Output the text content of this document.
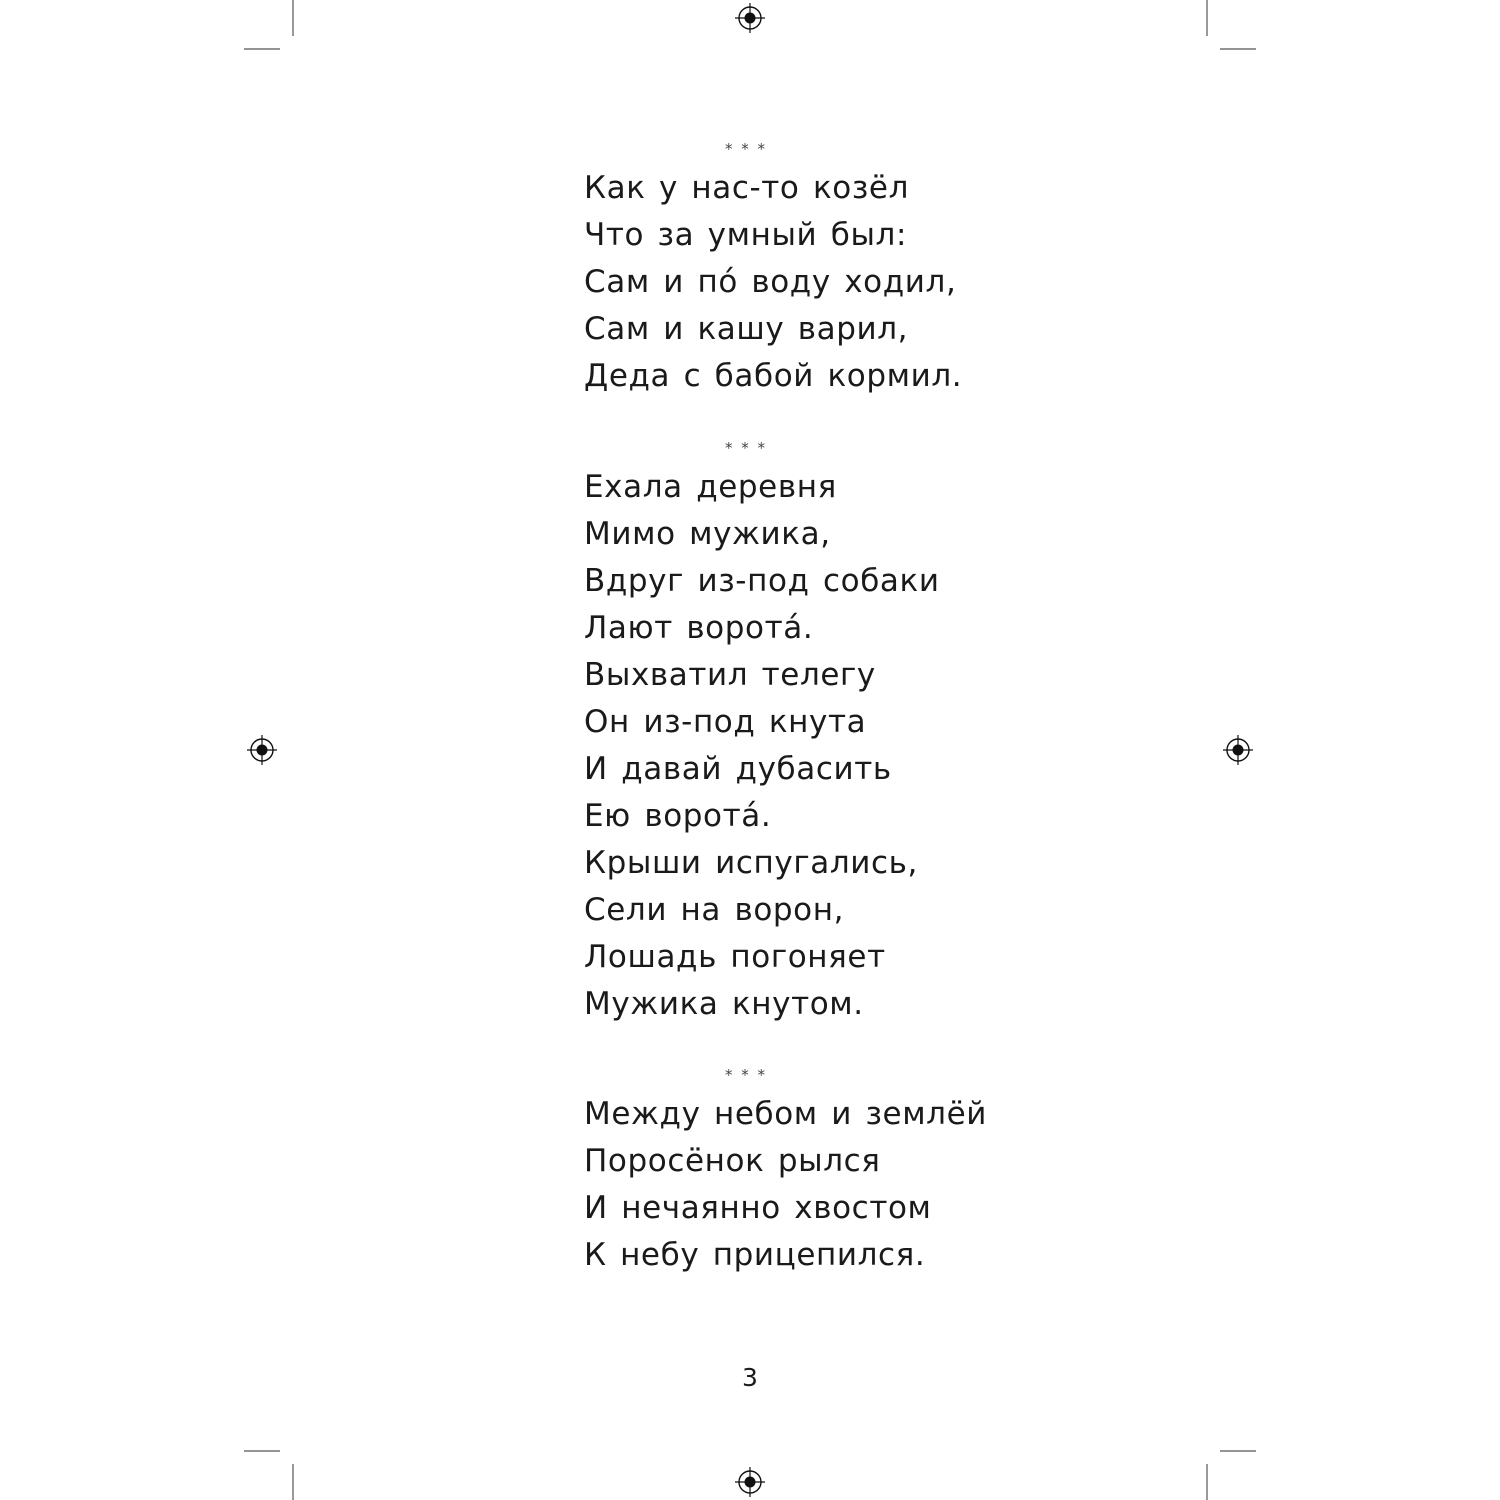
* * *
Как у нас-то козёл
Что за умный был:
Сам и по́ воду ходил,
Сам и кашу варил,
Деда с бабой кормил.
* * *
Ехала деревня
Мимо мужика,
Вдруг из-под собаки
Лают ворота́.
Выхватил телегу
Он из-под кнута
И давай дубасить
Ею ворота́.
Крыши испугались,
Сели на ворон,
Лошадь погоняет
Мужика кнутом.
* * *
Между небом и землёй
Поросёнок рылся
И нечаянно хвостом
К небу прицепился.
3
